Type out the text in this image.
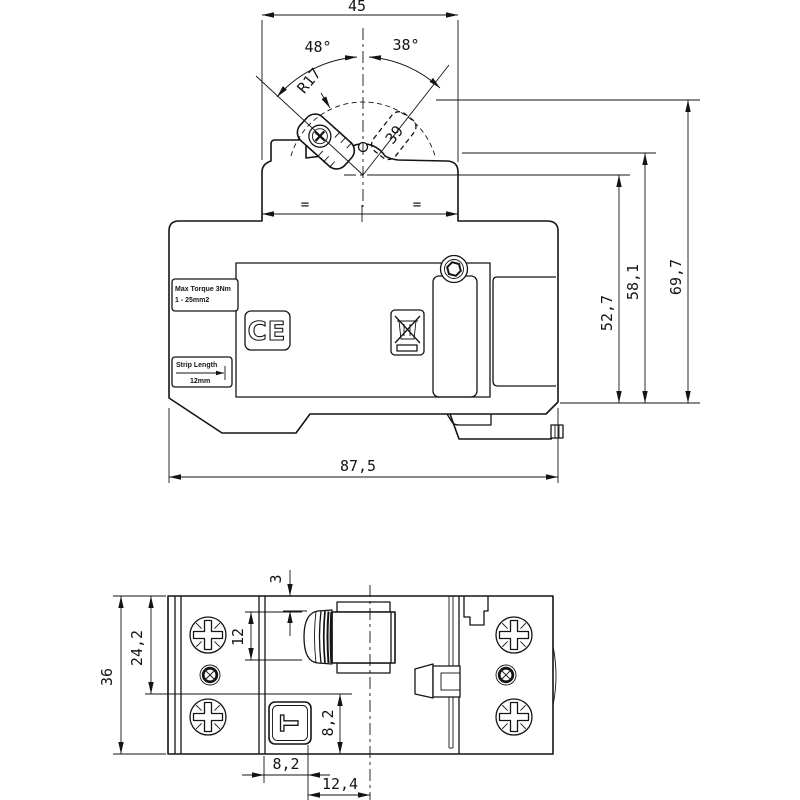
Max Torque 3Nm
1 - 25mm2
CE
Strip Length
12mm
39
48°	38°
R17
45
=	=
52,7
58,1 69,7
87,5
T
36
24,2
3
12
8,2
8,2
12,4
